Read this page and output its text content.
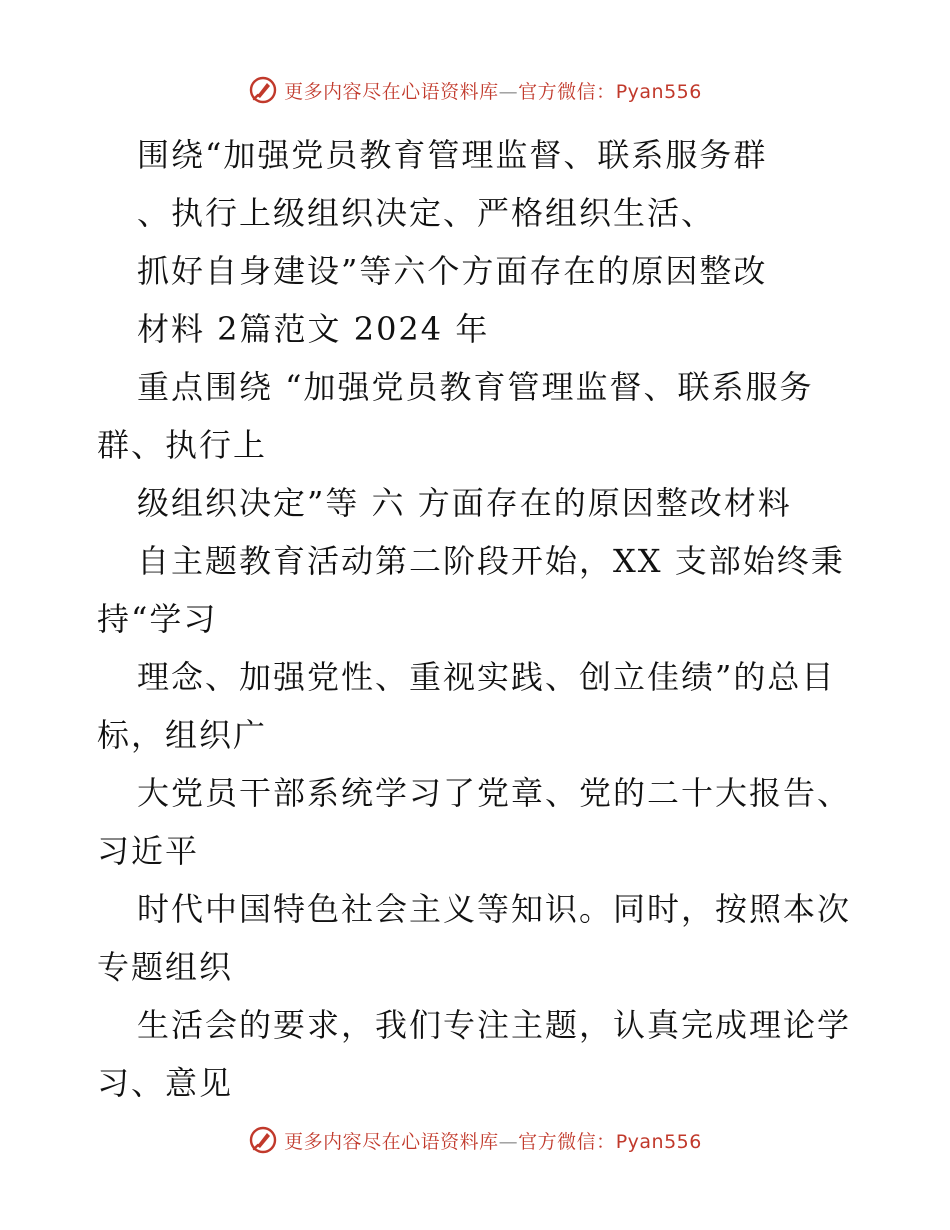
更多内容尽在心语资料库—官方微信：Pyan556
围绕“加强党员教育管理监督、联系服务群
、执行上级组织决定、严格组织生活、
抓好自身建设”等六个方面存在的原因整改
材料 2篇范文 2024 年
重点围绕 “加强党员教育管理监督、联系服务
群、执行上
级组织决定”等 六 方面存在的原因整改材料
自主题教育活动第二阶段开始，XX 支部始终秉
持“学习
理念、加强党性、重视实践、创立佳绩”的总目
标，组织广
大党员干部系统学习了党章、党的二十大报告、
习近平
时代中国特色社会主义等知识。同时，按照本次
专题组织
生活会的要求，我们专注主题，认真完成理论学
习、意见
更多内容尽在心语资料库—官方微信：Pyan556
